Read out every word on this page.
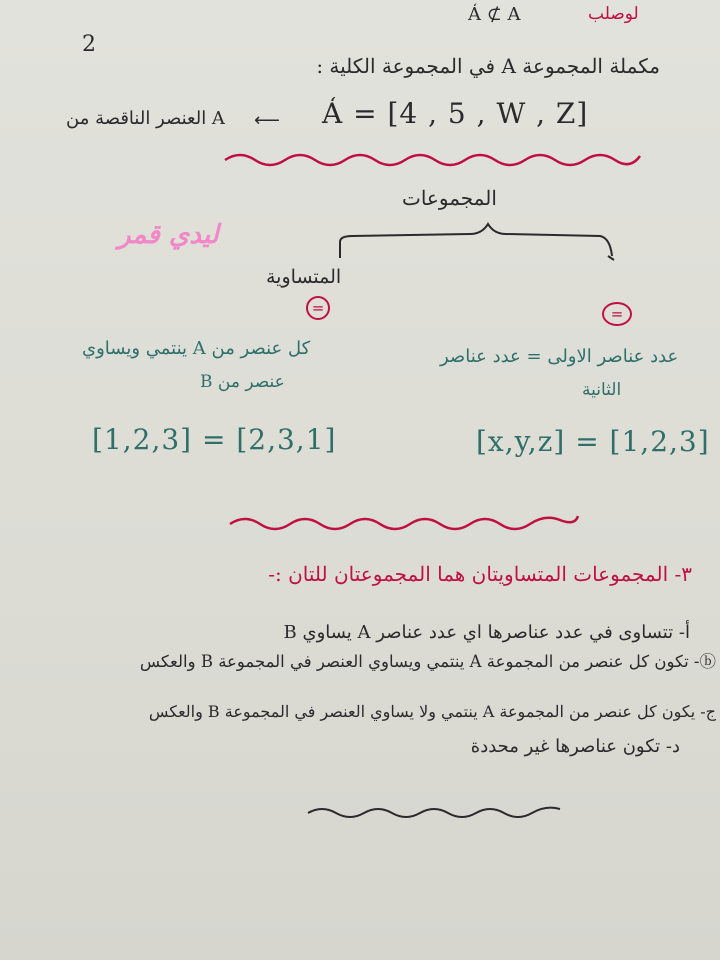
2
A̒ ⊄ A	لوصلب
مكملة المجموعة A في المجموعة الكلية :
A العنصر الناقصة من ⟵ A̒ = [4 , 5 , W , Z]
المجموعات
ليدي قمر
المتساوية
=	=
كل عنصر من A ينتمي ويساوي
عنصر من B
عدد عناصر الاولى = عدد عناصر
الثانية
[1,2,3] = [2,3,1]	[x,y,z] = [1,2,3]
٣- المجموعات المتساويتان هما المجموعتان للتان :-
أ- تتساوى في عدد عناصرها اي عدد عناصر A يساوي B
ⓑ- تكون كل عنصر من المجموعة A ينتمي ويساوي العنصر في المجموعة B والعكس
ج- يكون كل عنصر من المجموعة A ينتمي ولا يساوي العنصر في المجموعة B والعكس
د- تكون عناصرها غير محددة
